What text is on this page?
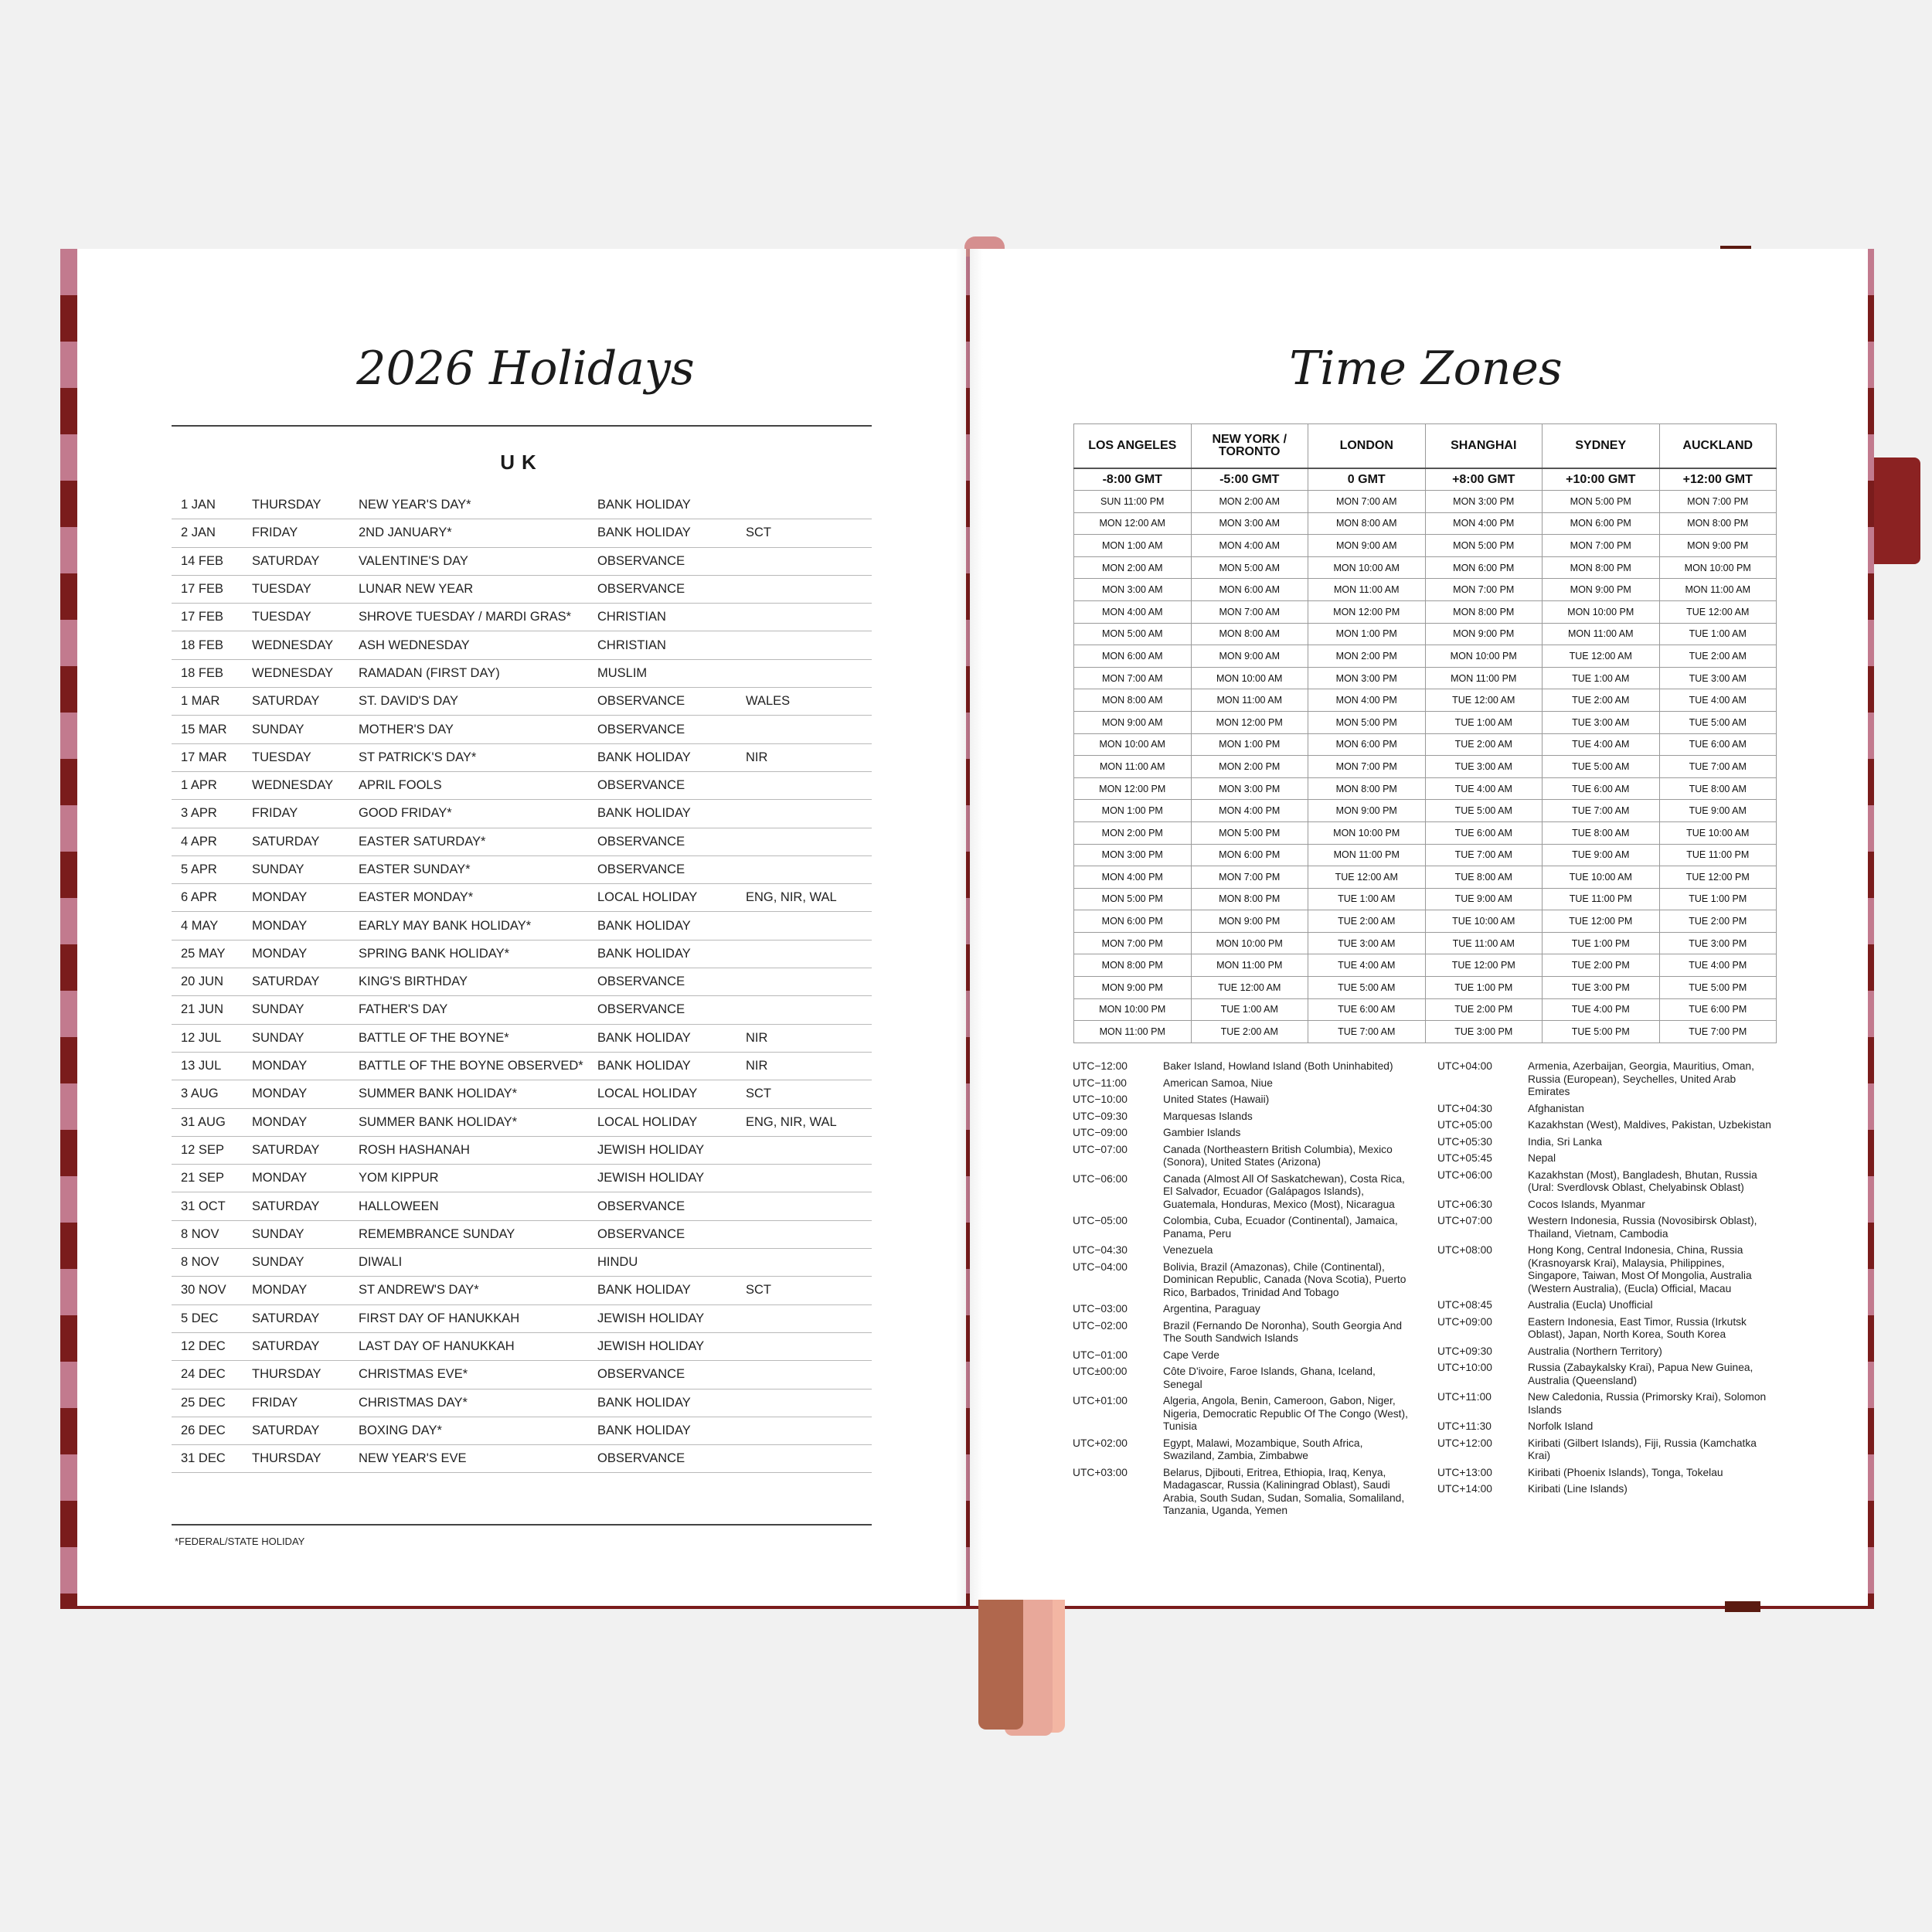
2026 Holidays
UK
1 JAN	THURSDAY	NEW YEAR'S DAY*	BANK HOLIDAY	
2 JAN	FRIDAY	2ND JANUARY*	BANK HOLIDAY	SCT
14 FEB	SATURDAY	VALENTINE'S DAY	OBSERVANCE	
17 FEB	TUESDAY	LUNAR NEW YEAR	OBSERVANCE	
17 FEB	TUESDAY	SHROVE TUESDAY / MARDI GRAS*	CHRISTIAN	
18 FEB	WEDNESDAY	ASH WEDNESDAY	CHRISTIAN	
18 FEB	WEDNESDAY	RAMADAN (FIRST DAY)	MUSLIM	
1 MAR	SATURDAY	ST. DAVID'S DAY	OBSERVANCE	WALES
15 MAR	SUNDAY	MOTHER'S DAY	OBSERVANCE	
17 MAR	TUESDAY	ST PATRICK'S DAY*	BANK HOLIDAY	NIR
1 APR	WEDNESDAY	APRIL FOOLS	OBSERVANCE	
3 APR	FRIDAY	GOOD FRIDAY*	BANK HOLIDAY	
4 APR	SATURDAY	EASTER SATURDAY*	OBSERVANCE	
5 APR	SUNDAY	EASTER SUNDAY*	OBSERVANCE	
6 APR	MONDAY	EASTER MONDAY*	LOCAL HOLIDAY	ENG, NIR, WAL
4 MAY	MONDAY	EARLY MAY BANK HOLIDAY*	BANK HOLIDAY	
25 MAY	MONDAY	SPRING BANK HOLIDAY*	BANK HOLIDAY	
20 JUN	SATURDAY	KING'S BIRTHDAY	OBSERVANCE	
21 JUN	SUNDAY	FATHER'S DAY	OBSERVANCE	
12 JUL	SUNDAY	BATTLE OF THE BOYNE*	BANK HOLIDAY	NIR
13 JUL	MONDAY	BATTLE OF THE BOYNE OBSERVED*	BANK HOLIDAY	NIR
3 AUG	MONDAY	SUMMER BANK HOLIDAY*	LOCAL HOLIDAY	SCT
31 AUG	MONDAY	SUMMER BANK HOLIDAY*	LOCAL HOLIDAY	ENG, NIR, WAL
12 SEP	SATURDAY	ROSH HASHANAH	JEWISH HOLIDAY	
21 SEP	MONDAY	YOM KIPPUR	JEWISH HOLIDAY	
31 OCT	SATURDAY	HALLOWEEN	OBSERVANCE	
8 NOV	SUNDAY	REMEMBRANCE SUNDAY	OBSERVANCE	
8 NOV	SUNDAY	DIWALI	HINDU	
30 NOV	MONDAY	ST ANDREW'S DAY*	BANK HOLIDAY	SCT
5 DEC	SATURDAY	FIRST DAY OF HANUKKAH	JEWISH HOLIDAY	
12 DEC	SATURDAY	LAST DAY OF HANUKKAH	JEWISH HOLIDAY	
24 DEC	THURSDAY	CHRISTMAS EVE*	OBSERVANCE	
25 DEC	FRIDAY	CHRISTMAS DAY*	BANK HOLIDAY	
26 DEC	SATURDAY	BOXING DAY*	BANK HOLIDAY	
31 DEC	THURSDAY	NEW YEAR'S EVE	OBSERVANCE	
*FEDERAL/STATE HOLIDAY
Time Zones
LOS ANGELES	NEW YORK / TORONTO	LONDON	SHANGHAI	SYDNEY	AUCKLAND
-8:00 GMT	-5:00 GMT	0 GMT	+8:00 GMT	+10:00 GMT	+12:00 GMT
SUN 11:00 PM	MON 2:00 AM	MON 7:00 AM	MON 3:00 PM	MON 5:00 PM	MON 7:00 PM
MON 12:00 AM	MON 3:00 AM	MON 8:00 AM	MON 4:00 PM	MON 6:00 PM	MON 8:00 PM
MON 1:00 AM	MON 4:00 AM	MON 9:00 AM	MON 5:00 PM	MON 7:00 PM	MON 9:00 PM
MON 2:00 AM	MON 5:00 AM	MON 10:00 AM	MON 6:00 PM	MON 8:00 PM	MON 10:00 PM
MON 3:00 AM	MON 6:00 AM	MON 11:00 AM	MON 7:00 PM	MON 9:00 PM	MON 11:00 AM
MON 4:00 AM	MON 7:00 AM	MON 12:00 PM	MON 8:00 PM	MON 10:00 PM	TUE 12:00 AM
MON 5:00 AM	MON 8:00 AM	MON 1:00 PM	MON 9:00 PM	MON 11:00 AM	TUE 1:00 AM
MON 6:00 AM	MON 9:00 AM	MON 2:00 PM	MON 10:00 PM	TUE 12:00 AM	TUE 2:00 AM
MON 7:00 AM	MON 10:00 AM	MON 3:00 PM	MON 11:00 PM	TUE 1:00 AM	TUE 3:00 AM
MON 8:00 AM	MON 11:00 AM	MON 4:00 PM	TUE 12:00 AM	TUE 2:00 AM	TUE 4:00 AM
MON 9:00 AM	MON 12:00 PM	MON 5:00 PM	TUE 1:00 AM	TUE 3:00 AM	TUE 5:00 AM
MON 10:00 AM	MON 1:00 PM	MON 6:00 PM	TUE 2:00 AM	TUE 4:00 AM	TUE 6:00 AM
MON 11:00 AM	MON 2:00 PM	MON 7:00 PM	TUE 3:00 AM	TUE 5:00 AM	TUE 7:00 AM
MON 12:00 PM	MON 3:00 PM	MON 8:00 PM	TUE 4:00 AM	TUE 6:00 AM	TUE 8:00 AM
MON 1:00 PM	MON 4:00 PM	MON 9:00 PM	TUE 5:00 AM	TUE 7:00 AM	TUE 9:00 AM
MON 2:00 PM	MON 5:00 PM	MON 10:00 PM	TUE 6:00 AM	TUE 8:00 AM	TUE 10:00 AM
MON 3:00 PM	MON 6:00 PM	MON 11:00 PM	TUE 7:00 AM	TUE 9:00 AM	TUE 11:00 PM
MON 4:00 PM	MON 7:00 PM	TUE 12:00 AM	TUE 8:00 AM	TUE 10:00 AM	TUE 12:00 PM
MON 5:00 PM	MON 8:00 PM	TUE 1:00 AM	TUE 9:00 AM	TUE 11:00 PM	TUE 1:00 PM
MON 6:00 PM	MON 9:00 PM	TUE 2:00 AM	TUE 10:00 AM	TUE 12:00 PM	TUE 2:00 PM
MON 7:00 PM	MON 10:00 PM	TUE 3:00 AM	TUE 11:00 AM	TUE 1:00 PM	TUE 3:00 PM
MON 8:00 PM	MON 11:00 PM	TUE 4:00 AM	TUE 12:00 PM	TUE 2:00 PM	TUE 4:00 PM
MON 9:00 PM	TUE 12:00 AM	TUE 5:00 AM	TUE 1:00 PM	TUE 3:00 PM	TUE 5:00 PM
MON 10:00 PM	TUE 1:00 AM	TUE 6:00 AM	TUE 2:00 PM	TUE 4:00 PM	TUE 6:00 PM
MON 11:00 PM	TUE 2:00 AM	TUE 7:00 AM	TUE 3:00 PM	TUE 5:00 PM	TUE 7:00 PM
UTC−12:00	Baker Island, Howland Island (Both Uninhabited)
UTC−11:00	American Samoa, Niue
UTC−10:00	United States (Hawaii)
UTC−09:30	Marquesas Islands
UTC−09:00	Gambier Islands
UTC−07:00	Canada (Northeastern British Columbia), Mexico (Sonora), United States (Arizona)
UTC−06:00	Canada (Almost All Of Saskatchewan), Costa Rica, El Salvador, Ecuador (Galápagos Islands), Guatemala, Honduras, Mexico (Most), Nicaragua
UTC−05:00	Colombia, Cuba, Ecuador (Continental), Jamaica, Panama, Peru
UTC−04:30	Venezuela
UTC−04:00	Bolivia, Brazil (Amazonas), Chile (Continental), Dominican Republic, Canada (Nova Scotia), Puerto Rico, Barbados, Trinidad And Tobago
UTC−03:00	Argentina, Paraguay
UTC−02:00	Brazil (Fernando De Noronha), South Georgia And The South Sandwich Islands
UTC−01:00	Cape Verde
UTC±00:00	Côte D'ivoire, Faroe Islands, Ghana, Iceland, Senegal
UTC+01:00	Algeria, Angola, Benin, Cameroon, Gabon, Niger, Nigeria, Democratic Republic Of The Congo (West), Tunisia
UTC+02:00	Egypt, Malawi, Mozambique, South Africa, Swaziland, Zambia, Zimbabwe
UTC+03:00	Belarus, Djibouti, Eritrea, Ethiopia, Iraq, Kenya, Madagascar, Russia (Kaliningrad Oblast), Saudi Arabia, South Sudan, Sudan, Somalia, Somaliland, Tanzania, Uganda, Yemen
UTC+04:00	Armenia, Azerbaijan, Georgia, Mauritius, Oman, Russia (European), Seychelles, United Arab Emirates
UTC+04:30	Afghanistan
UTC+05:00	Kazakhstan (West), Maldives, Pakistan, Uzbekistan
UTC+05:30	India, Sri Lanka
UTC+05:45	Nepal
UTC+06:00	Kazakhstan (Most), Bangladesh, Bhutan, Russia (Ural: Sverdlovsk Oblast, Chelyabinsk Oblast)
UTC+06:30	Cocos Islands, Myanmar
UTC+07:00	Western Indonesia, Russia (Novosibirsk Oblast), Thailand, Vietnam, Cambodia
UTC+08:00	Hong Kong, Central Indonesia, China, Russia (Krasnoyarsk Krai), Malaysia, Philippines, Singapore, Taiwan, Most Of Mongolia, Australia (Western Australia), (Eucla) Official, Macau
UTC+08:45	Australia (Eucla) Unofficial
UTC+09:00	Eastern Indonesia, East Timor, Russia (Irkutsk Oblast), Japan, North Korea, South Korea
UTC+09:30	Australia (Northern Territory)
UTC+10:00	Russia (Zabaykalsky Krai), Papua New Guinea, Australia (Queensland)
UTC+11:00	New Caledonia, Russia (Primorsky Krai), Solomon Islands
UTC+11:30	Norfolk Island
UTC+12:00	Kiribati (Gilbert Islands), Fiji, Russia (Kamchatka Krai)
UTC+13:00	Kiribati (Phoenix Islands), Tonga, Tokelau
UTC+14:00	Kiribati (Line Islands)
